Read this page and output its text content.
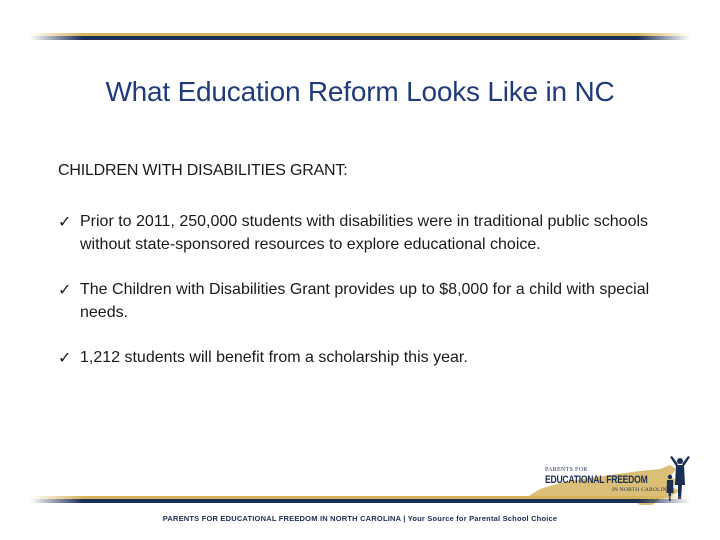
What Education Reform Looks Like in NC
CHILDREN WITH DISABILITIES GRANT:
✓ Prior to 2011, 250,000 students with disabilities were in traditional public schools without state-sponsored resources to explore educational choice.
✓ The Children with Disabilities Grant provides up to $8,000 for a child with special needs.
✓ 1,212 students will benefit from a scholarship this year.
PARENTS FOR
EDUCATIONAL FREEDOM
IN NORTH CAROLINA
PARENTS FOR EDUCATIONAL FREEDOM IN NORTH CAROLINA | Your Source for Parental School Choice
